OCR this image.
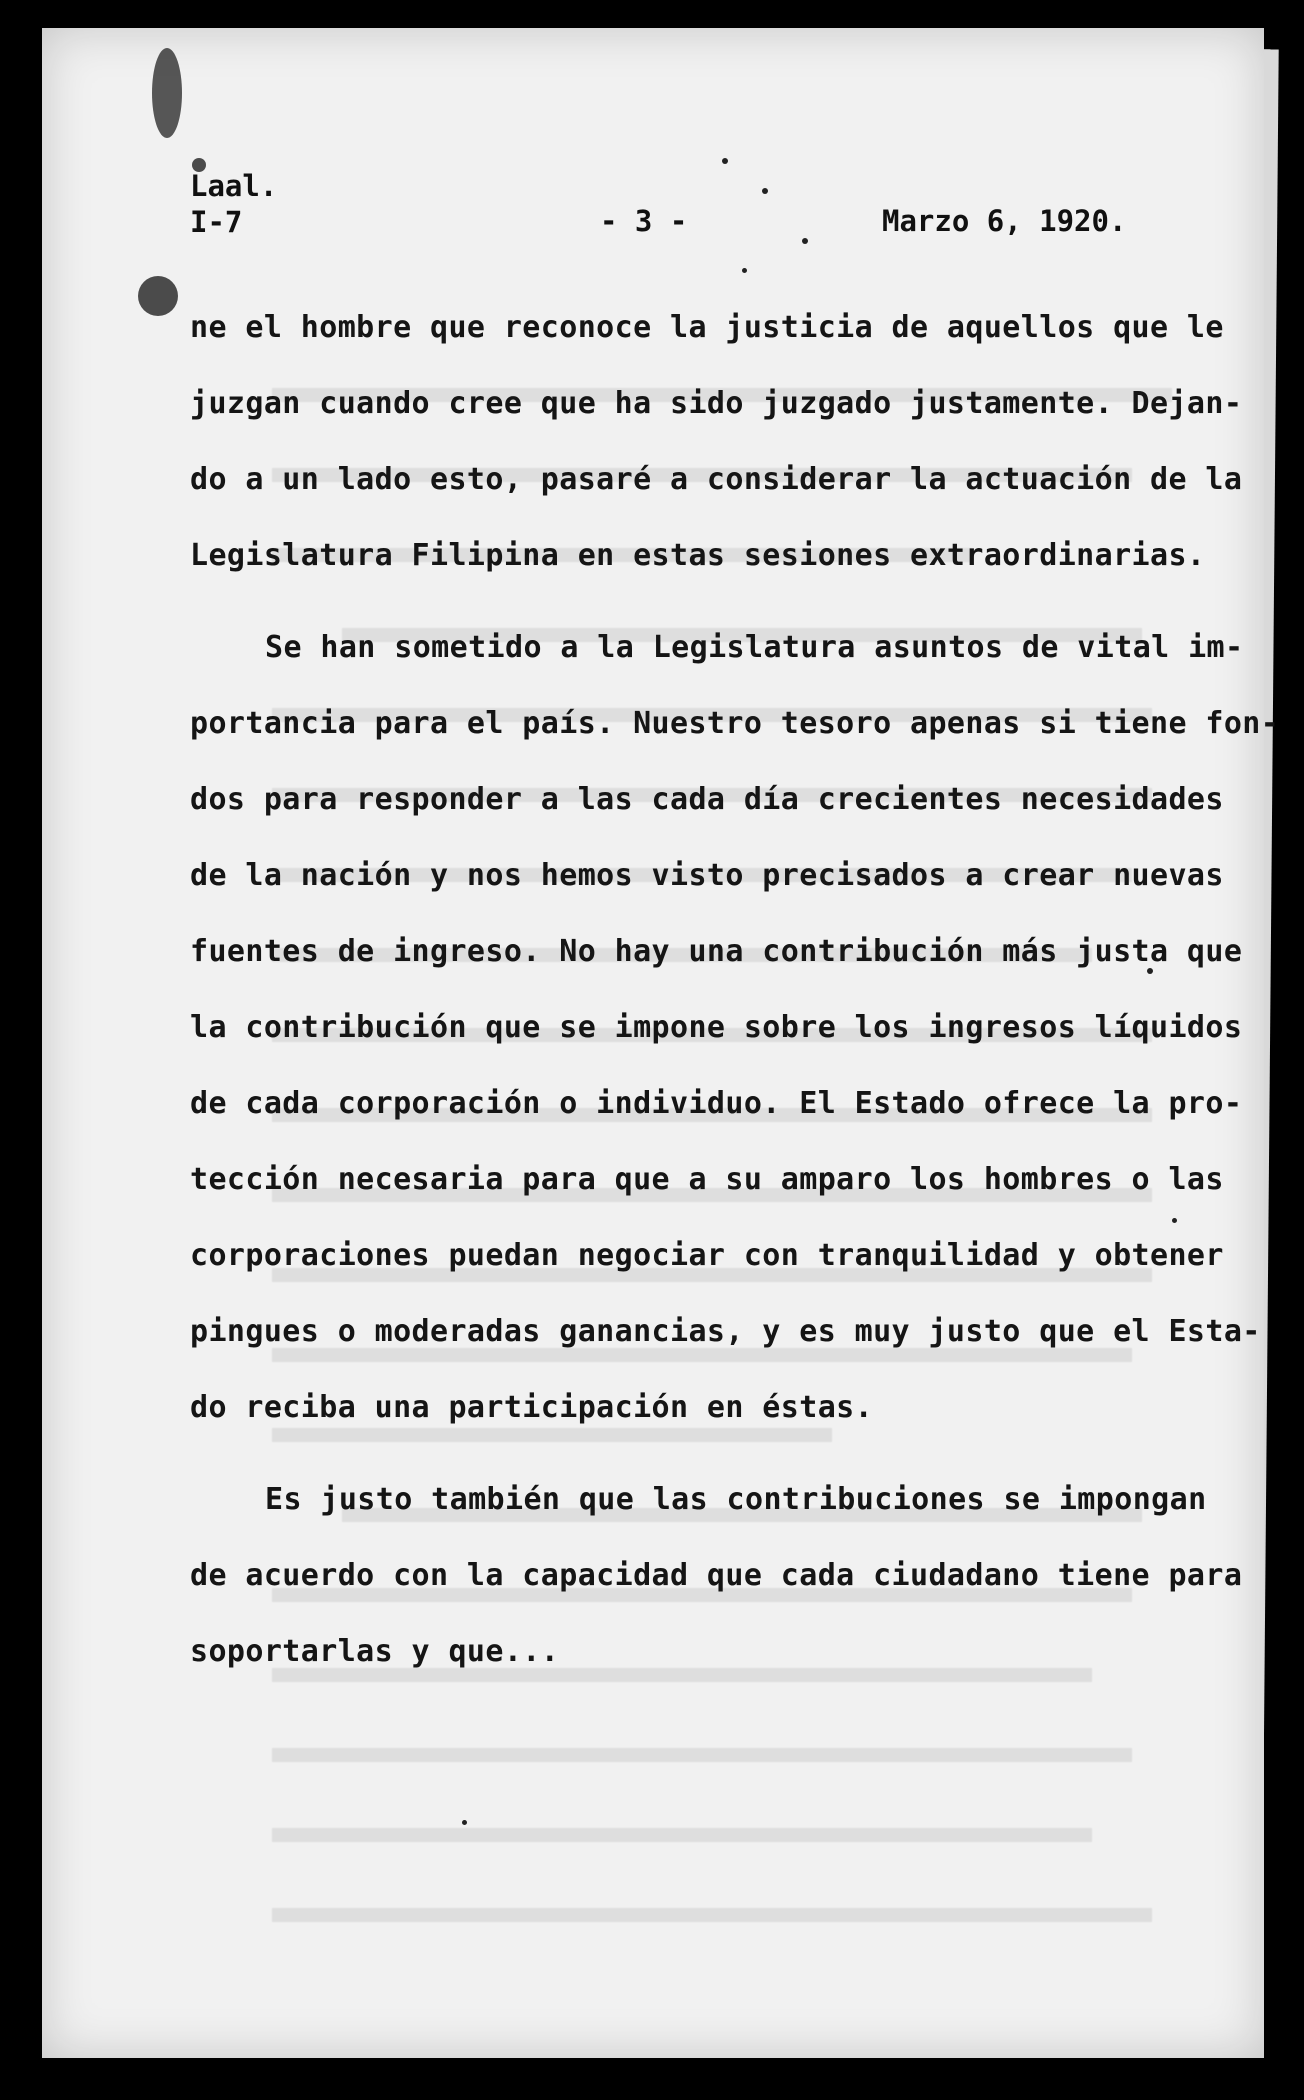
Laal.
I-7	- 3 -	Marzo 6, 1920.
ne el hombre que reconoce la justicia de aquellos que le
juzgan cuando cree que ha sido juzgado justamente. Dejan-
do a un lado esto, pasaré a considerar la actuación de la
Legislatura Filipina en estas sesiones extraordinarias.
Se han sometido a la Legislatura asuntos de vital im-
portancia para el país. Nuestro tesoro apenas si tiene fon-
dos para responder a las cada día crecientes necesidades
de la nación y nos hemos visto precisados a crear nuevas
fuentes de ingreso. No hay una contribución más justa que
la contribución que se impone sobre los ingresos líquidos
de cada corporación o individuo. El Estado ofrece la pro-
tección necesaria para que a su amparo los hombres o las
corporaciones puedan negociar con tranquilidad y obtener
pingues o moderadas ganancias, y es muy justo que el Esta-
do reciba una participación en éstas.
Es justo también que las contribuciones se impongan
de acuerdo con la capacidad que cada ciudadano tiene para
soportarlas y que...
